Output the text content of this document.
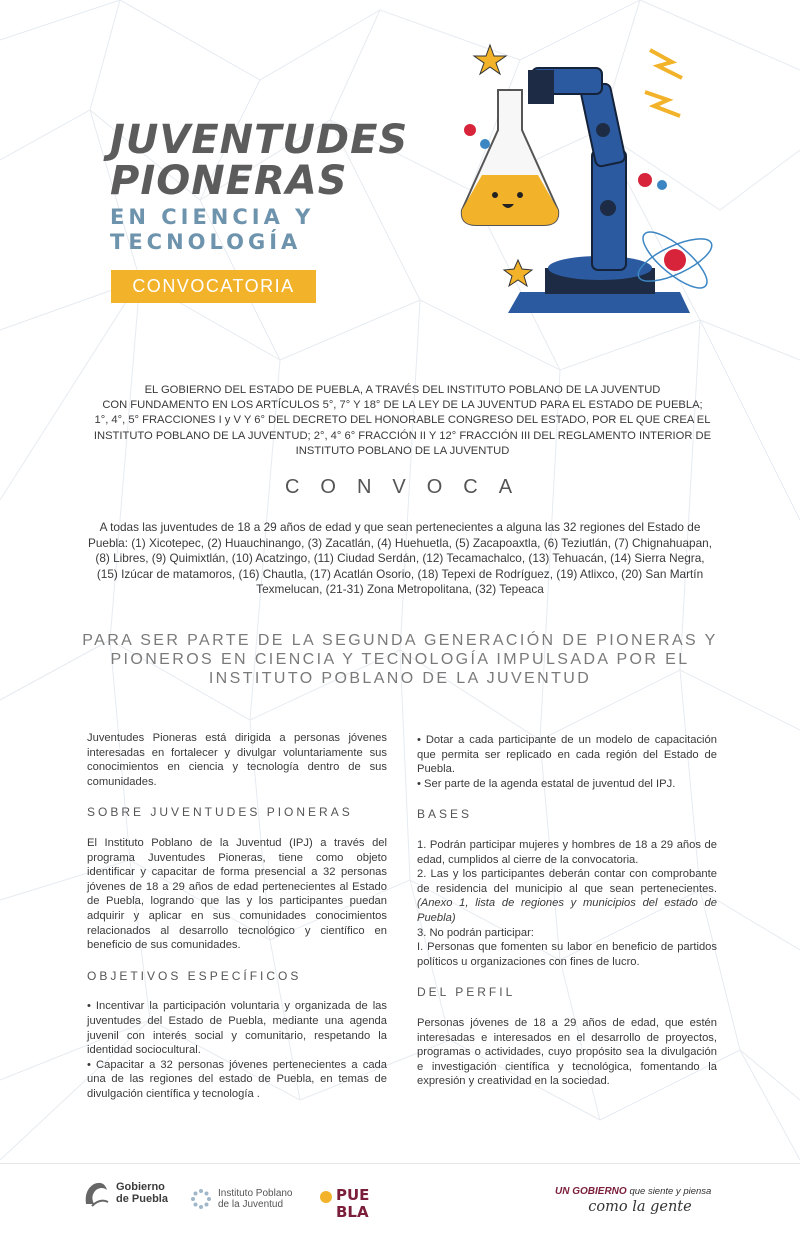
JUVENTUDES
PIONERAS
EN CIENCIA Y
TECNOLOGÍA
CONVOCATORIA
EL GOBIERNO DEL ESTADO DE PUEBLA, A TRAVÉS DEL INSTITUTO POBLANO DE LA JUVENTUD
CON FUNDAMENTO EN LOS ARTÍCULOS 5°, 7° Y 18° DE LA LEY DE LA JUVENTUD PARA EL ESTADO DE PUEBLA;
1°, 4°, 5° FRACCIONES I y V Y 6° DEL DECRETO DEL HONORABLE CONGRESO DEL ESTADO, POR EL QUE CREA EL
INSTITUTO POBLANO DE LA JUVENTUD; 2°, 4° 6° FRACCIÓN II Y 12° FRACCIÓN III DEL REGLAMENTO INTERIOR DE
INSTITUTO POBLANO DE LA JUVENTUD
CONVOCA
A todas las juventudes de 18 a 29 años de edad y que sean pertenecientes a alguna las 32 regiones del Estado de Puebla: (1) Xicotepec, (2) Huauchinango, (3) Zacatlán, (4) Huehuetla, (5) Zacapoaxtla, (6) Teziutlán, (7) Chignahuapan, (8) Libres, (9) Quimixtlán, (10) Acatzingo, (11) Ciudad Serdán, (12) Tecamachalco, (13) Tehuacán, (14) Sierra Negra, (15) Izúcar de matamoros, (16) Chautla, (17) Acatlán Osorio, (18) Tepexi de Rodríguez, (19) Atlixco, (20) San Martín Texmelucan, (21-31) Zona Metropolitana, (32) Tepeaca
PARA SER PARTE DE LA SEGUNDA GENERACIÓN DE PIONERAS Y PIONEROS EN CIENCIA Y TECNOLOGÍA IMPULSADA POR EL INSTITUTO POBLANO DE LA JUVENTUD

Juventudes Pioneras está dirigida a personas jóvenes interesadas en fortalecer y divulgar voluntariamente sus conocimientos en ciencia y tecnología dentro de sus comunidades.

SOBRE JUVENTUDES PIONERAS

El Instituto Poblano de la Juventud (IPJ) a través del programa Juventudes Pioneras, tiene como objeto identificar y capacitar de forma presencial a 32 personas jóvenes de 18 a 29 años de edad pertenecientes al Estado de Puebla, logrando que las y los participantes puedan adquirir y aplicar en sus comunidades conocimientos relacionados al desarrollo tecnológico y científico en beneficio de sus comunidades.

OBJETIVOS ESPECÍFICOS

• Incentivar la participación voluntaria y organizada de las juventudes del Estado de Puebla, mediante una agenda juvenil con interés social y comunitario, respetando la identidad sociocultural.

• Capacitar a 32 personas jóvenes pertenecientes a cada una de las regiones del estado de Puebla, en temas de divulgación científica y tecnología .

• Dotar a cada participante de un modelo de capacitación que permita ser replicado en cada región del Estado de Puebla.

• Ser parte de la agenda estatal de juventud del IPJ.

BASES

1. Podrán participar mujeres y hombres de 18 a 29 años de edad, cumplidos al cierre de la convocatoria.

2. Las y los participantes deberán contar con comprobante de residencia del municipio al que sean pertenecientes. (Anexo 1, lista de regiones y municipios del estado de Puebla)

3. No podrán participar:

I. Personas que fomenten su labor en beneficio de partidos políticos u organizaciones con fines de lucro.

DEL PERFIL

Personas jóvenes de 18 a 29 años de edad, que estén interesadas e interesados en el desarrollo de proyectos, programas o actividades, cuyo propósito sea la divulgación e investigación científica y tecnológica, fomentando la expresión y creatividad en la sociedad.

Gobierno
de Puebla	Instituto Poblano
de la Juventud
PUE
BLA
UN GOBIERNO que siente y piensa
como la gente
